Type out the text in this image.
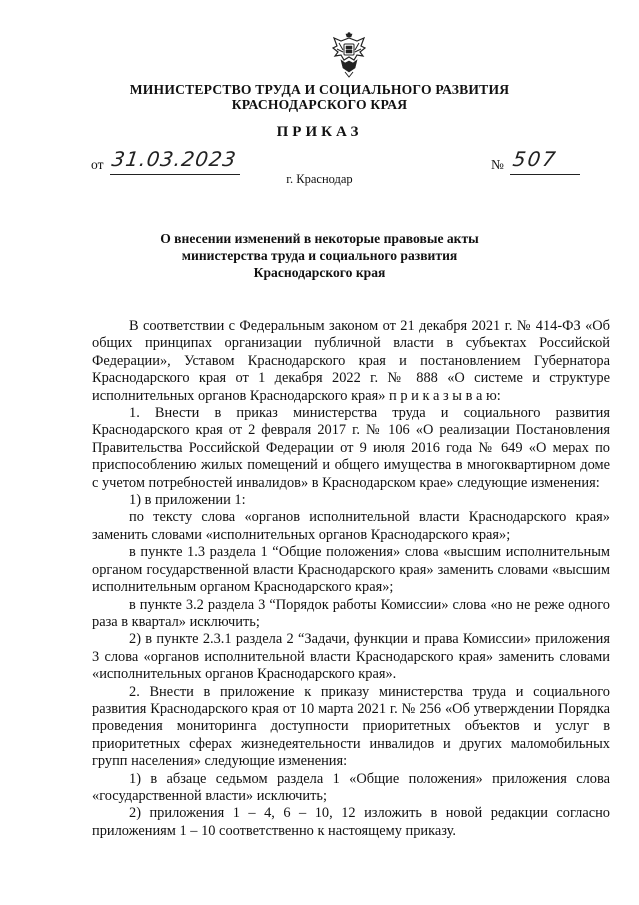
МИНИСТЕРСТВО ТРУДА И СОЦИАЛЬНОГО РАЗВИТИЯ
КРАСНОДАРСКОГО КРАЯ
ПРИКАЗ
от 31.03.2023	№ 507
г. Краснодар
О внесении изменений в некоторые правовые акты
министерства труда и социального развития
Краснодарского края

В соответствии с Федеральным законом от 21 декабря 2021 г. № 414-ФЗ «Об общих принципах организации публичной власти в субъектах Российской Федерации», Уставом Краснодарского края и постановлением Губернатора Краснодарского края от 1 декабря 2022 г. № 888 «О системе и структуре исполнительных органов Краснодарского края» п р и к а з ы в а ю:

1. Внести в приказ министерства труда и социального развития Краснодарского края от 2 февраля 2017 г. № 106 «О реализации Постановления Правительства Российской Федерации от 9 июля 2016 года № 649 «О мерах по приспособлению жилых помещений и общего имущества в многоквартирном доме с учетом потребностей инвалидов» в Краснодарском крае» следующие изменения:

1) в приложении 1:

по тексту слова «органов исполнительной власти Краснодарского края» заменить словами «исполнительных органов Краснодарского края»;

в пункте 1.3 раздела 1 “Общие положения» слова «высшим исполнительным органом государственной власти Краснодарского края» заменить словами «высшим исполнительным органом Краснодарского края»;

в пункте 3.2 раздела 3 “Порядок работы Комиссии» слова «но не реже одного раза в квартал» исключить;

2) в пункте 2.3.1 раздела 2 “Задачи, функции и права Комиссии» приложения 3 слова «органов исполнительной власти Краснодарского края» заменить словами «исполнительных органов Краснодарского края».

2. Внести в приложение к приказу министерства труда и социального развития Краснодарского края от 10 марта 2021 г. № 256 «Об утверждении Порядка проведения мониторинга доступности приоритетных объектов и услуг в приоритетных сферах жизнедеятельности инвалидов и других маломобильных групп населения» следующие изменения:

1) в абзаце седьмом раздела 1 «Общие положения» приложения слова «государственной власти» исключить;

2) приложения 1 – 4, 6 – 10, 12 изложить в новой редакции согласно приложениям 1 – 10 соответственно к настоящему приказу.
